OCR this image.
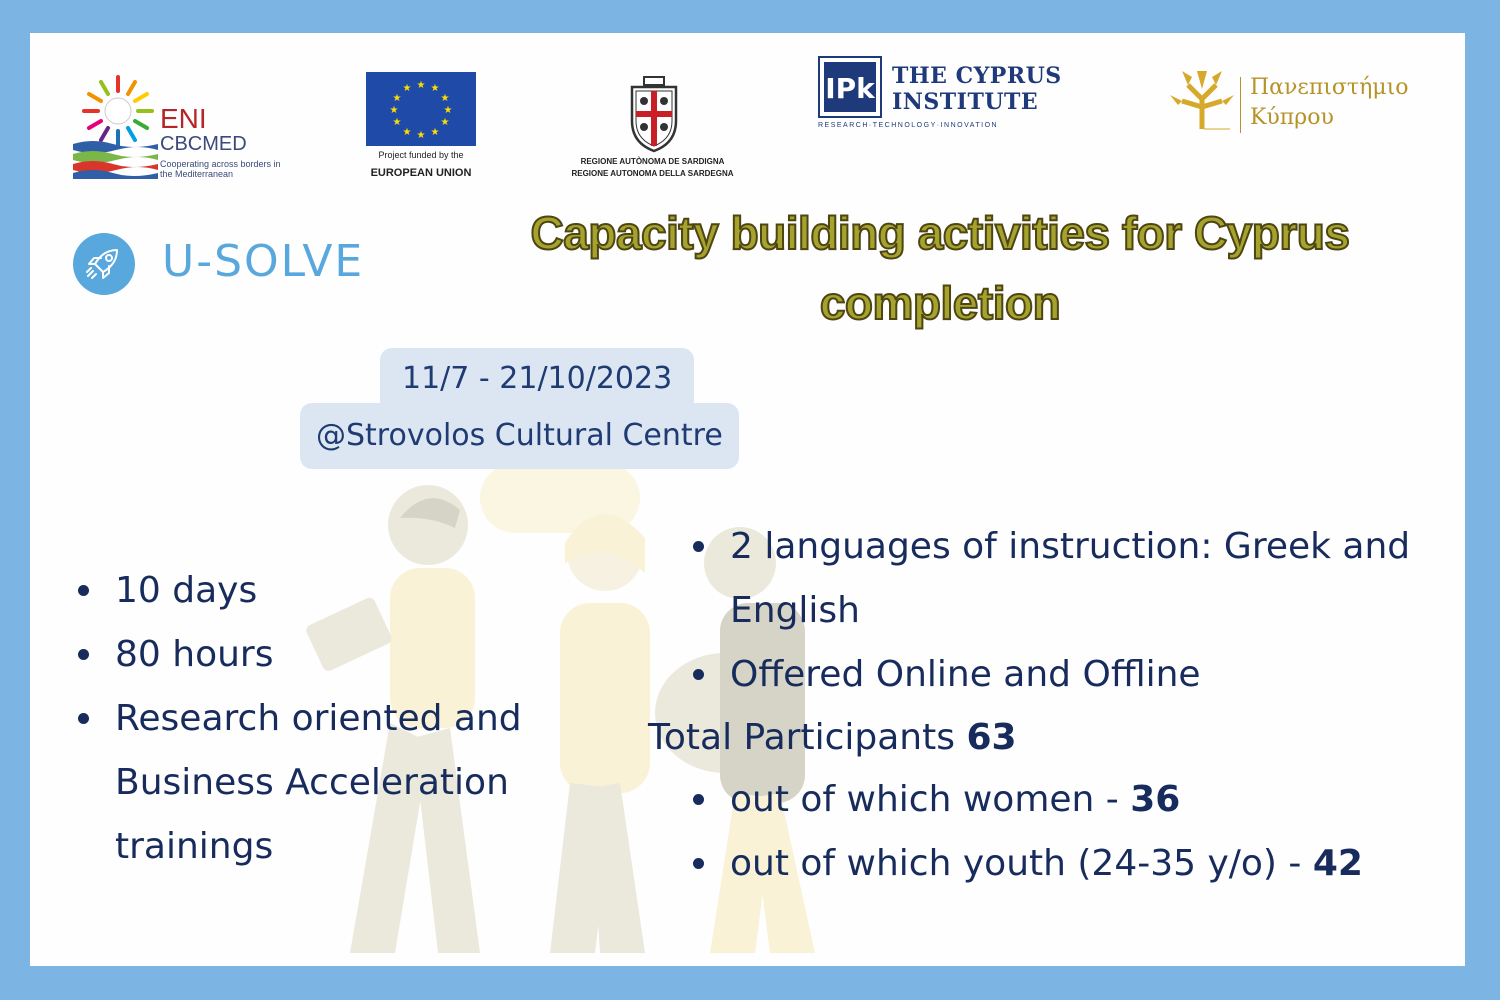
ENI
CBCMED
Cooperating across borders in the Mediterranean
★ ★
★
★
★
★
★
★
★
★
★
★
Project funded by the
EUROPEAN UNION
REGIONE AUTÒNOMA DE SARDIGNA
REGIONE AUTONOMA DELLA SARDEGNA
IPk THE CYPRUS
INSTITUTE
RESEARCH·TECHNOLOGY·INNOVATION
Πανεπιστήμιο
Κύπρου
U-SOLVE
Capacity building activities for Cyprus
completion
11/7 - 21/10/2023
@Strovolos Cultural Centre
10 days
80 hours
Research oriented and Business Acceleration trainings
2 languages of instruction: Greek and English
Offered Online and Offline
Total Participants 63
out of which women - 36
out of which youth (24-35 y/o) - 42
